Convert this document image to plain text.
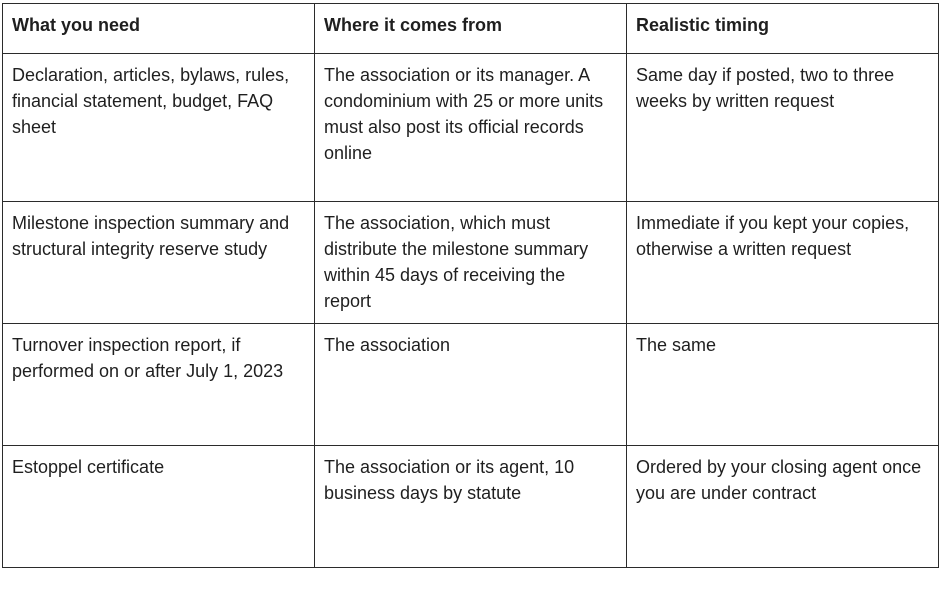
What you need	Where it comes from	Realistic timing
Declaration, articles, bylaws, rules, financial statement, budget, FAQ sheet	The association or its manager. A condominium with 25 or more units must also post its official records online	Same day if posted, two to three weeks by written request
Milestone inspection summary and structural integrity reserve study	The association, which must distribute the milestone summary within 45 days of receiving the report	Immediate if you kept your copies, otherwise a written request
Turnover inspection report, if performed on or after July 1, 2023	The association	The same
Estoppel certificate	The association or its agent, 10 business days by statute	Ordered by your closing agent once you are under contract
